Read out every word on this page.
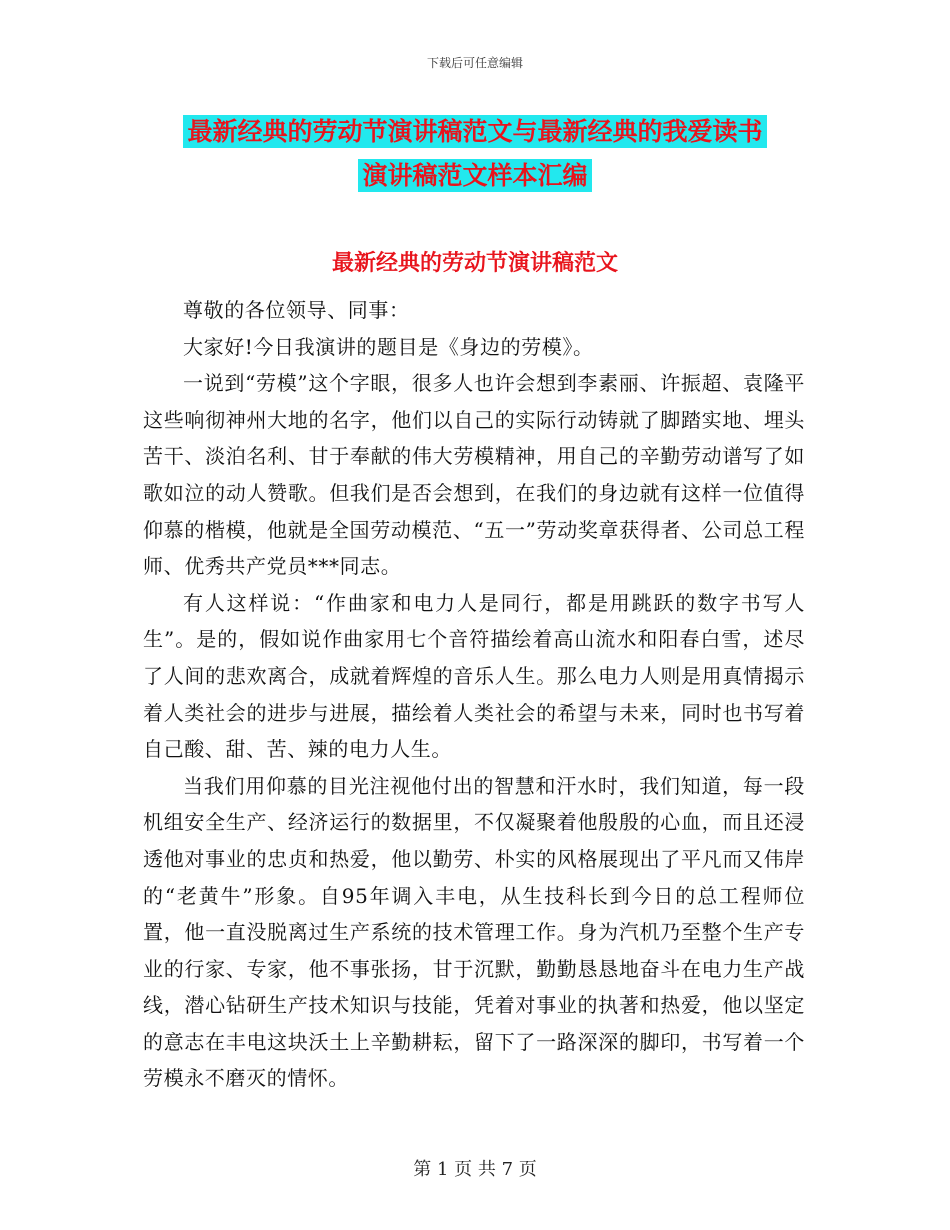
下载后可任意编辑
最新经典的劳动节演讲稿范文与最新经典的我爱读书
演讲稿范文样本汇编
最新经典的劳动节演讲稿范文

尊敬的各位领导、同事：

大家好!今日我演讲的题目是《身边的劳模》。

一说到“劳模”这个字眼，很多人也许会想到李素丽、许振超、袁隆平这些响彻神州大地的名字，他们以自己的实际行动铸就了脚踏实地、埋头苦干、淡泊名利、甘于奉献的伟大劳模精神，用自己的辛勤劳动谱写了如歌如泣的动人赞歌。但我们是否会想到，在我们的身边就有这样一位值得仰慕的楷模，他就是全国劳动模范、“五一”劳动奖章获得者、公司总工程师、优秀共产党员***同志。

有人这样说：“作曲家和电力人是同行，都是用跳跃的数字书写人生”。是的，假如说作曲家用七个音符描绘着高山流水和阳春白雪，述尽了人间的悲欢离合，成就着辉煌的音乐人生。那么电力人则是用真情揭示着人类社会的进步与进展，描绘着人类社会的希望与未来，同时也书写着自己酸、甜、苦、辣的电力人生。

当我们用仰慕的目光注视他付出的智慧和汗水时，我们知道，每一段机组安全生产、经济运行的数据里，不仅凝聚着他殷殷的心血，而且还浸透他对事业的忠贞和热爱，他以勤劳、朴实的风格展现出了平凡而又伟岸的“老黄牛”形象。自95年调入丰电，从生技科长到今日的总工程师位置，他一直没脱离过生产系统的技术管理工作。身为汽机乃至整个生产专业的行家、专家，他不事张扬，甘于沉默，勤勤恳恳地奋斗在电力生产战线，潜心钻研生产技术知识与技能，凭着对事业的执著和热爱，他以坚定的意志在丰电这块沃土上辛勤耕耘，留下了一路深深的脚印，书写着一个劳模永不磨灭的情怀。

第 1 页 共 7 页
